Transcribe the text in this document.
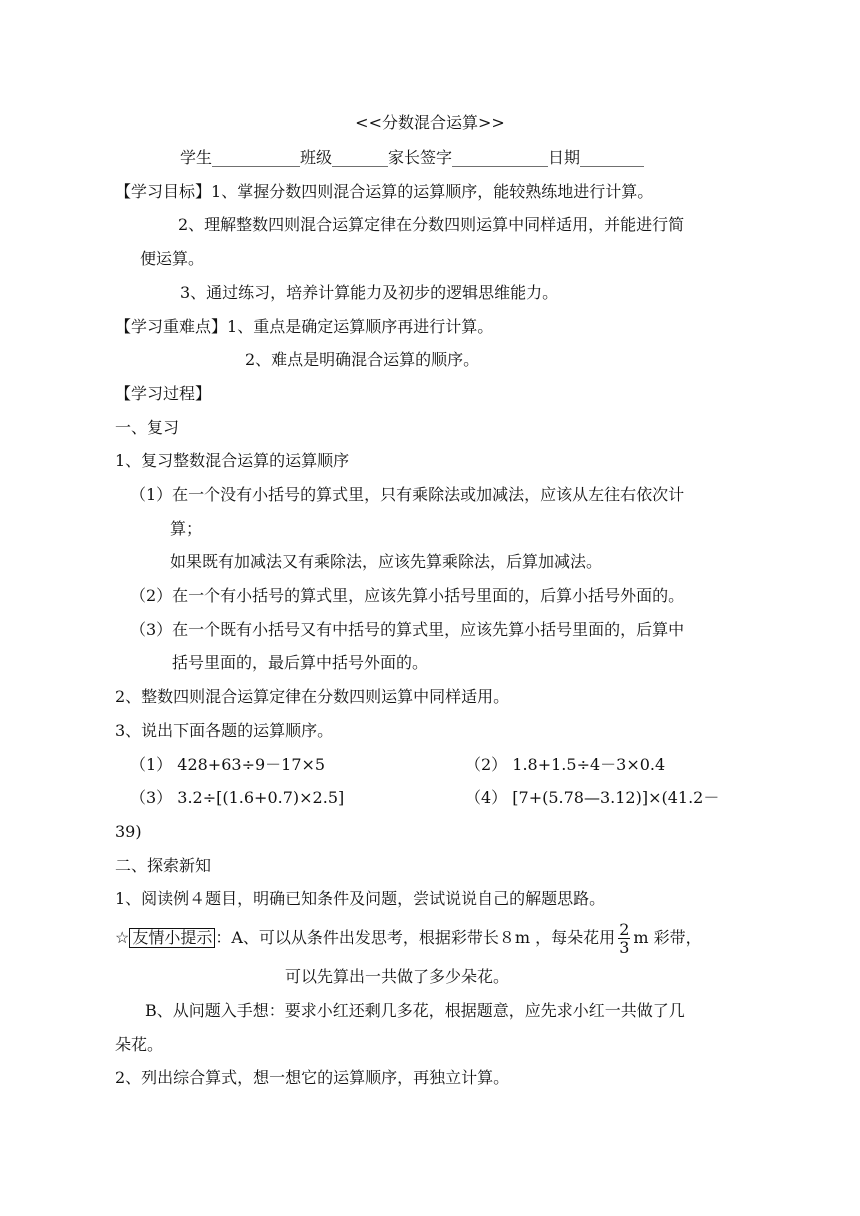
<<分数混合运算>>
学生___________班级_______家长签字____________日期________
【学习目标】1、掌握分数四则混合运算的运算顺序，能较熟练地进行计算。
2、理解整数四则混合运算定律在分数四则运算中同样适用，并能进行简
便运算。
3、通过练习，培养计算能力及初步的逻辑思维能力。
【学习重难点】1、重点是确定运算顺序再进行计算。
2、难点是明确混合运算的顺序。
【学习过程】
一、复习
1、复习整数混合运算的运算顺序
（1）在一个没有小括号的算式里，只有乘除法或加减法，应该从左往右依次计
算；
如果既有加减法又有乘除法，应该先算乘除法，后算加减法。
（2）在一个有小括号的算式里，应该先算小括号里面的，后算小括号外面的。
（3）在一个既有小括号又有中括号的算式里，应该先算小括号里面的，后算中
括号里面的，最后算中括号外面的。
2、整数四则混合运算定律在分数四则运算中同样适用。
3、说出下面各题的运算顺序。
（1） 428+63÷9－17×5	（2） 1.8+1.5÷4－3×0.4
（3） 3.2÷[(1.6+0.7)×2.5]	（4） [7+(5.78—3.12)]×(41.2－
39)
二、探索新知
1、阅读例４题目，明确已知条件及问题，尝试说说自己的解题思路。
☆ 友情小提示 ：A、可以从条件出发思考，根据彩带长８m ，每朵花用 $\frac{2}{3}$ m 彩带，
可以先算出一共做了多少朵花。
B、从问题入手想：要求小红还剩几多花，根据题意，应先求小红一共做了几
朵花。
2、列出综合算式，想一想它的运算顺序，再独立计算。
